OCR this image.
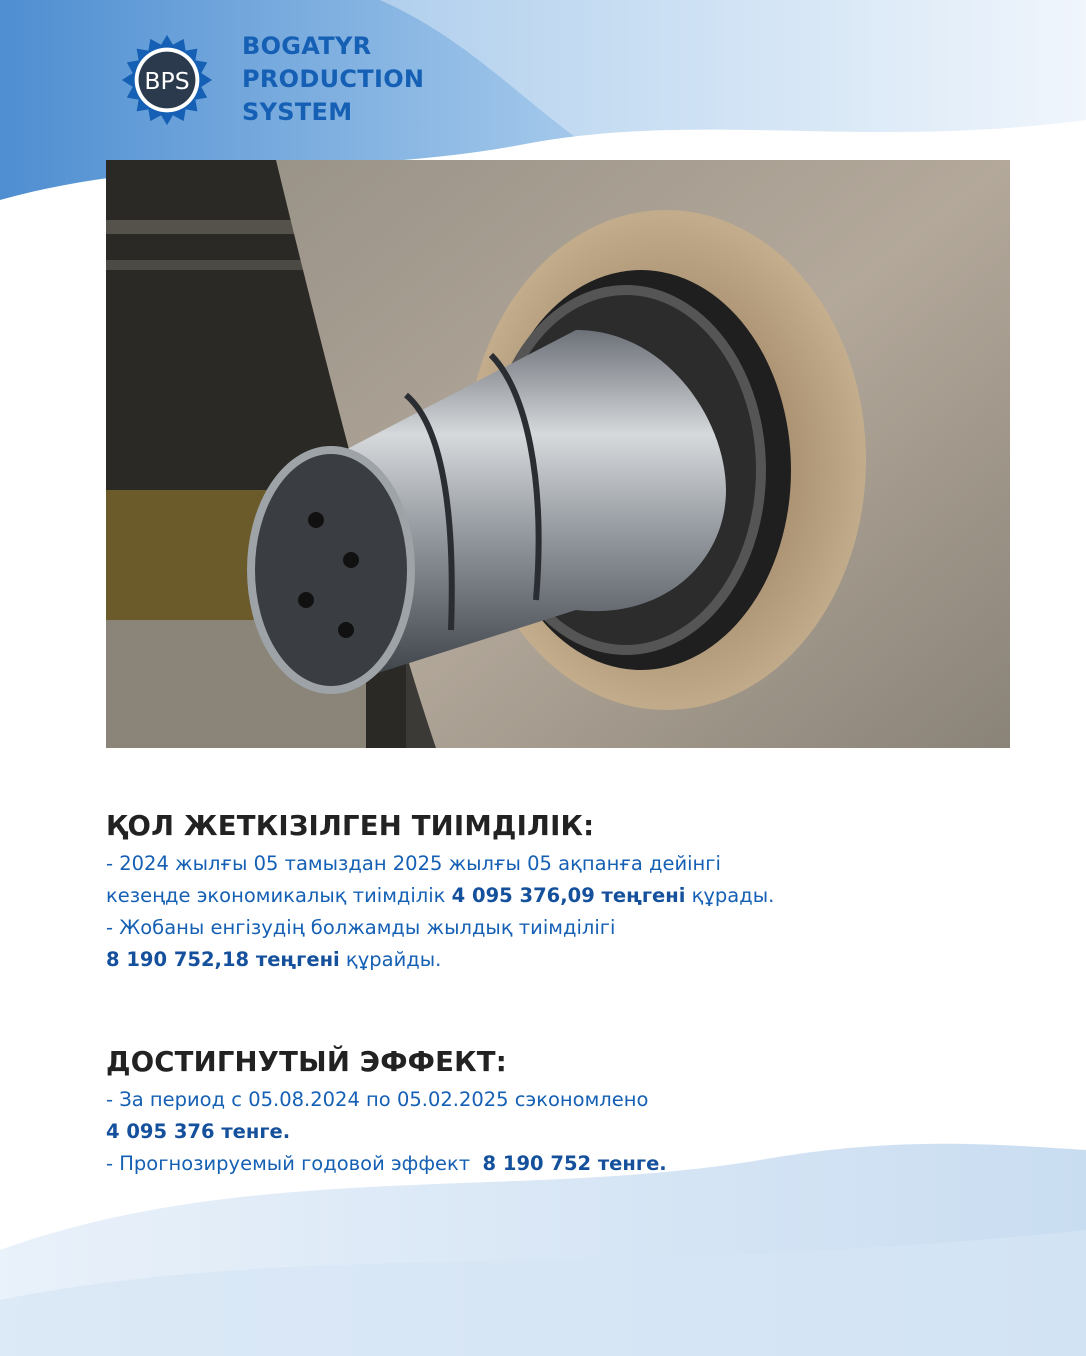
BPS
BOGATYR
PRODUCTION
SYSTEM
ҚОЛ ЖЕТКІЗІЛГЕН ТИІМДІЛІК:
- 2024 жылғы 05 тамыздан 2025 жылғы 05 ақпанға дейінгі
кезеңде экономикалық тиімділік 4 095 376,09 теңгені құрады.
- Жобаны енгізудің болжамды жылдық тиімділігі
8 190 752,18 теңгені құрайды.
ДОСТИГНУТЫЙ ЭФФЕКТ:
- За период с 05.08.2024 по 05.02.2025 сэкономлено
4 095 376 тенге.
- Прогнозируемый годовой эффект  8 190 752 тенге.
